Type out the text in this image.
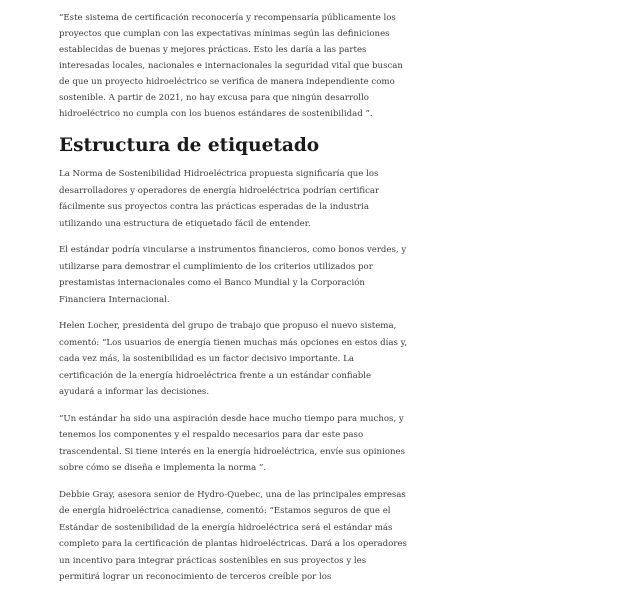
“Este sistema de certificación reconocería y recompensaría públicamente los proyectos que cumplan con las expectativas mínimas según las definiciones establecidas de buenas y mejores prácticas. Esto les daría a las partes interesadas locales, nacionales e internacionales la seguridad vital que buscan de que un proyecto hidroeléctrico se verifica de manera independiente como sostenible. A partir de 2021, no hay excusa para que ningún desarrollo hidroeléctrico no cumpla con los buenos estándares de sostenibilidad ”.

Estructura de etiquetado

La Norma de Sostenibilidad Hidroeléctrica propuesta significaría que los desarrolladores y operadores de energía hidroeléctrica podrían certificar fácilmente sus proyectos contra las prácticas esperadas de la industria utilizando una estructura de etiquetado fácil de entender.

El estándar podría vincularse a instrumentos financieros, como bonos verdes, y utilizarse para demostrar el cumplimiento de los criterios utilizados por prestamistas internacionales como el Banco Mundial y la Corporación Financiera Internacional.

Helen Locher, presidenta del grupo de trabajo que propuso el nuevo sistema, comentó: “Los usuarios de energía tienen muchas más opciones en estos días y, cada vez más, la sostenibilidad es un factor decisivo importante. La certificación de la energía hidroeléctrica frente a un estándar confiable ayudará a informar las decisiones.

“Un estándar ha sido una aspiración desde hace mucho tiempo para muchos, y tenemos los componentes y el respaldo necesarios para dar este paso trascendental. Si tiene interés en la energía hidroeléctrica, envíe sus opiniones sobre cómo se diseña e implementa la norma ”.

Debbie Gray, asesora senior de Hydro-Quebec, una de las principales empresas de energía hidroeléctrica canadiense, comentó: “Estamos seguros de que el Estándar de sostenibilidad de la energía hidroeléctrica será el estándar más completo para la certificación de plantas hidroeléctricas. Dará a los operadores un incentivo para integrar prácticas sostenibles en sus proyectos y les permitirá lograr un reconocimiento de terceros creíble por los
